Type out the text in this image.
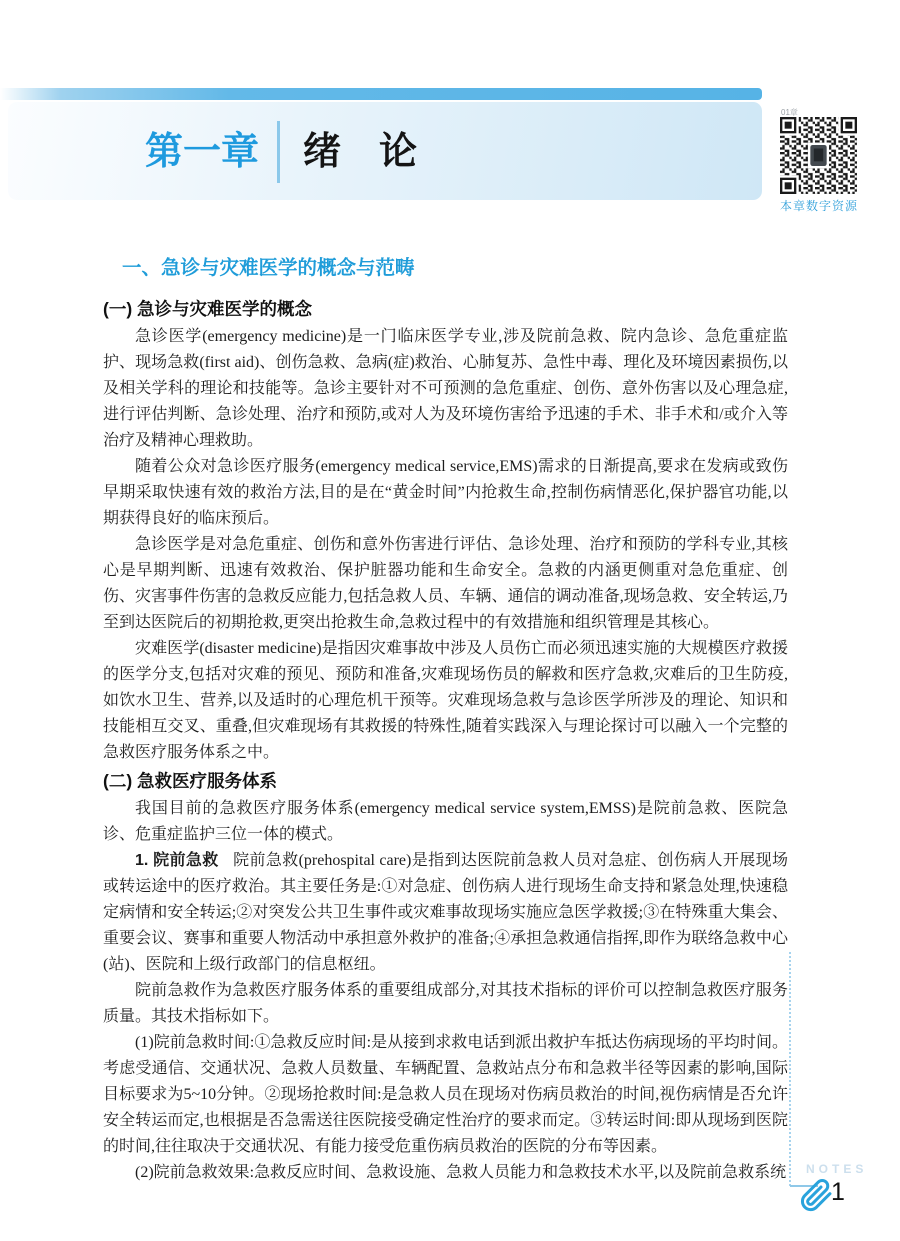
第一章 绪　论
01章
本章数字资源
一、急诊与灾难医学的概念与范畴
(一) 急诊与灾难医学的概念

急诊医学(emergency medicine)是一门临床医学专业,涉及院前急救、院内急诊、急危重症监护、现场急救(first aid)、创伤急救、急病(症)救治、心肺复苏、急性中毒、理化及环境因素损伤,以及相关学科的理论和技能等。急诊主要针对不可预测的急危重症、创伤、意外伤害以及心理急症,进行评估判断、急诊处理、治疗和预防,或对人为及环境伤害给予迅速的手术、非手术和/或介入等治疗及精神心理救助。

随着公众对急诊医疗服务(emergency medical service,EMS)需求的日渐提高,要求在发病或致伤早期采取快速有效的救治方法,目的是在“黄金时间”内抢救生命,控制伤病情恶化,保护器官功能,以期获得良好的临床预后。

急诊医学是对急危重症、创伤和意外伤害进行评估、急诊处理、治疗和预防的学科专业,其核心是早期判断、迅速有效救治、保护脏器功能和生命安全。急救的内涵更侧重对急危重症、创伤、灾害事件伤害的急救反应能力,包括急救人员、车辆、通信的调动准备,现场急救、安全转运,乃至到达医院后的初期抢救,更突出抢救生命,急救过程中的有效措施和组织管理是其核心。

灾难医学(disaster medicine)是指因灾难事故中涉及人员伤亡而必须迅速实施的大规模医疗救援的医学分支,包括对灾难的预见、预防和准备,灾难现场伤员的解救和医疗急救,灾难后的卫生防疫,如饮水卫生、营养,以及适时的心理危机干预等。灾难现场急救与急诊医学所涉及的理论、知识和技能相互交叉、重叠,但灾难现场有其救援的特殊性,随着实践深入与理论探讨可以融入一个完整的急救医疗服务体系之中。

(二) 急救医疗服务体系

我国目前的急救医疗服务体系(emergency medical service system,EMSS)是院前急救、医院急诊、危重症监护三位一体的模式。

1. 院前急救 院前急救(prehospital care)是指到达医院前急救人员对急症、创伤病人开展现场或转运途中的医疗救治。其主要任务是:①对急症、创伤病人进行现场生命支持和紧急处理,快速稳定病情和安全转运;②对突发公共卫生事件或灾难事故现场实施应急医学救援;③在特殊重大集会、重要会议、赛事和重要人物活动中承担意外救护的准备;④承担急救通信指挥,即作为联络急救中心(站)、医院和上级行政部门的信息枢纽。

院前急救作为急救医疗服务体系的重要组成部分,对其技术指标的评价可以控制急救医疗服务质量。其技术指标如下。

(1)院前急救时间:①急救反应时间:是从接到求救电话到派出救护车抵达伤病现场的平均时间。考虑受通信、交通状况、急救人员数量、车辆配置、急救站点分布和急救半径等因素的影响,国际目标要求为5~10分钟。②现场抢救时间:是急救人员在现场对伤病员救治的时间,视伤病情是否允许安全转运而定,也根据是否急需送往医院接受确定性治疗的要求而定。③转运时间:即从现场到医院的时间,往往取决于交通状况、有能力接受危重伤病员救治的医院的分布等因素。

(2)院前急救效果:急救反应时间、急救设施、急救人员能力和急救技术水平,以及院前急救系统 NOTES
1
